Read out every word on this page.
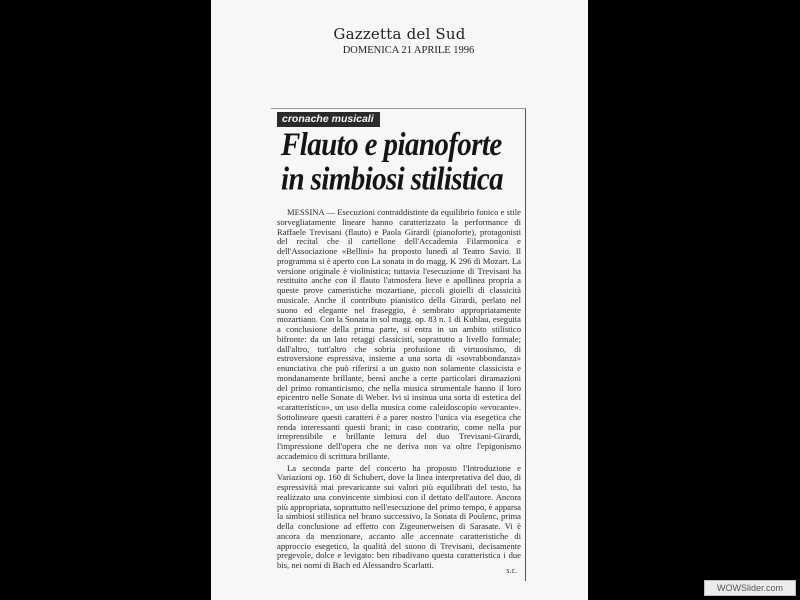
Gazzetta del Sud
DOMENICA 21 APRILE 1996
cronache musicali
Flauto e pianoforte
in simbiosi stilistica

MESSINA — Esecuzioni contraddistinte da equilibrio fonico e stile sorvegliatamente lineare hanno caratterizzato la performance di Raffaele Trevisani (flauto) e Paola Girardi (pianoforte), protagonisti del recital che il cartellone dell'Accademia Filarmonica e dell'Associazione «Bellini» ha proposto lunedì al Teatro Savio. Il programma si è aperto con La sonata in do magg. K 296 di Mozart. La versione originale è violinistica; tuttavia l'esecuzione di Trevisani ha restituito anche con il flauto l'atmosfera lieve e apollinea propria a queste prove cameristiche mozartiane, piccoli gioielli di classicità musicale. Anche il contributo pianistico della Girardi, perlato nel suono ed elegante nel fraseggio, è sembrato appropriatamente mozartiano. Con la Sonata in sol magg. op. 83 n. 1 di Kuhlau, eseguita a conclusione della prima parte, si entra in un ambito stilistico bifronte: da un lato retaggi classicisti, soprattutto a livello formale; dall'altro, tutt'altro che sobria profusione di virtuosismo, di estroversione espressiva, insieme a una sorta di «sovrabbondanza» enunciativa che può riferirsi a un gusto non solamente classicista e mondanamente brillante, bensì anche a certe particolari diramazioni del primo romanticismo, che nella musica strumentale hanno il loro epicentro nelle Sonate di Weber. Ivi si insinua una sorta di estetica del «caratteristico», un uso della musica come caleidoscopio «evocante». Sottolineare questi caratteri è a parer nostro l'unica via esegetica che renda interessanti questi brani; in caso contrario, come nella pur irreprensibile e brillante lettura del duo Trevisani-Girardi, l'impressione dell'opera che ne deriva non va oltre l'epigonismo accademico di scrittura brillante.

La seconda parte del concerto ha proposto l'Introduzione e Variazioni op. 160 di Schubert, dove la linea interpretativa del duo, di espressività mai prevaricante sui valori più equilibrati del testo, ha realizzato una convincente simbiosi con il dettato dell'autore. Ancora più appropriata, soprattutto nell'esecuzione del primo tempo, è apparsa la simbiosi stilistica nel brano successivo, la Sonata di Poulenc, prima della conclusione ad effetto con Zigeunerweisen di Sarasate. Vi è ancora da menzionare, accanto alle accennate caratteristiche di approccio esegetico, la qualità del suono di Trevisani, decisamente pregevole, dolce e levigato: ben ribadivano questa caratteristica i due bis, nei nomi di Bach ed Alessandro Scarlatti.

s.c.
WOWSlider.com
